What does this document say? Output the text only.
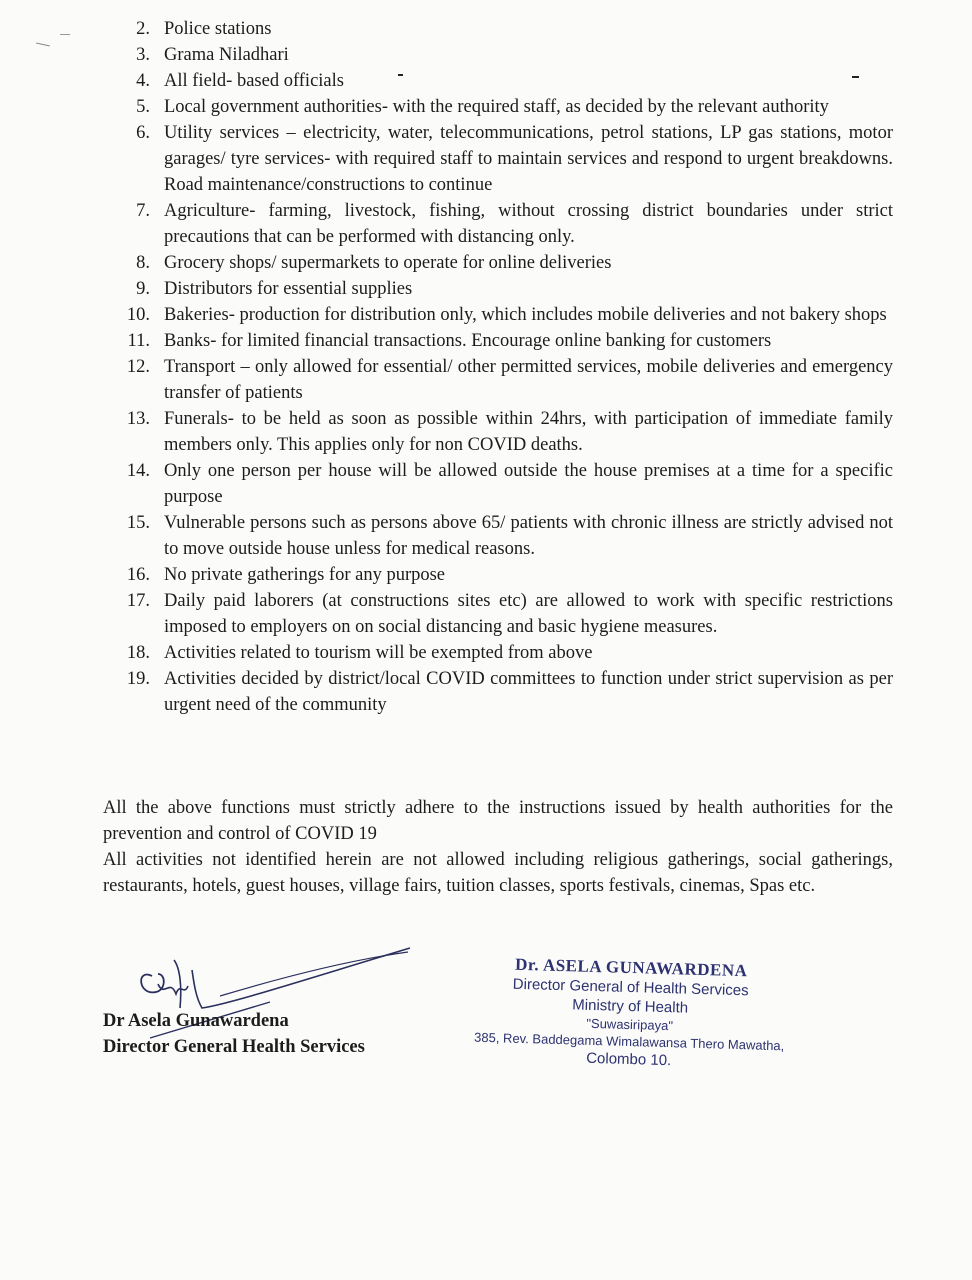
2. Police stations
3. Grama Niladhari
4. All field- based officials
5. Local government authorities- with the required staff, as decided by the relevant authority
6. Utility services – electricity, water, telecommunications, petrol stations, LP gas stations, motor garages/ tyre services- with required staff to maintain services and respond to urgent breakdowns. Road maintenance/constructions to continue
7. Agriculture- farming, livestock, fishing, without crossing district boundaries under strict precautions that can be performed with distancing only.
8. Grocery shops/ supermarkets to operate for online deliveries
9. Distributors for essential supplies
10. Bakeries- production for distribution only, which includes mobile deliveries and not bakery shops
11. Banks- for limited financial transactions. Encourage online banking for customers
12. Transport – only allowed for essential/ other permitted services, mobile deliveries and emergency transfer of patients
13. Funerals- to be held as soon as possible within 24hrs, with participation of immediate family members only. This applies only for non COVID deaths.
14. Only one person per house will be allowed outside the house premises at a time for a specific purpose
15. Vulnerable persons such as persons above 65/ patients with chronic illness are strictly advised not to move outside house unless for medical reasons.
16. No private gatherings for any purpose
17. Daily paid laborers (at constructions sites etc) are allowed to work with specific restrictions imposed to employers on on social distancing and basic hygiene measures.
18. Activities related to tourism will be exempted from above
19. Activities decided by district/local COVID committees to function under strict supervision as per urgent need of the community

All the above functions must strictly adhere to the instructions issued by health authorities for the prevention and control of COVID 19

All activities not identified herein are not allowed including religious gatherings, social gatherings, restaurants, hotels, guest houses, village fairs, tuition classes, sports festivals, cinemas, Spas etc.

Dr Asela Gunawardena
Director General Health Services
Dr. ASELA GUNAWARDENA
Director General of Health Services
Ministry of Health
"Suwasiripaya"
385, Rev. Baddegama Wimalawansa Thero Mawatha,
Colombo 10.
